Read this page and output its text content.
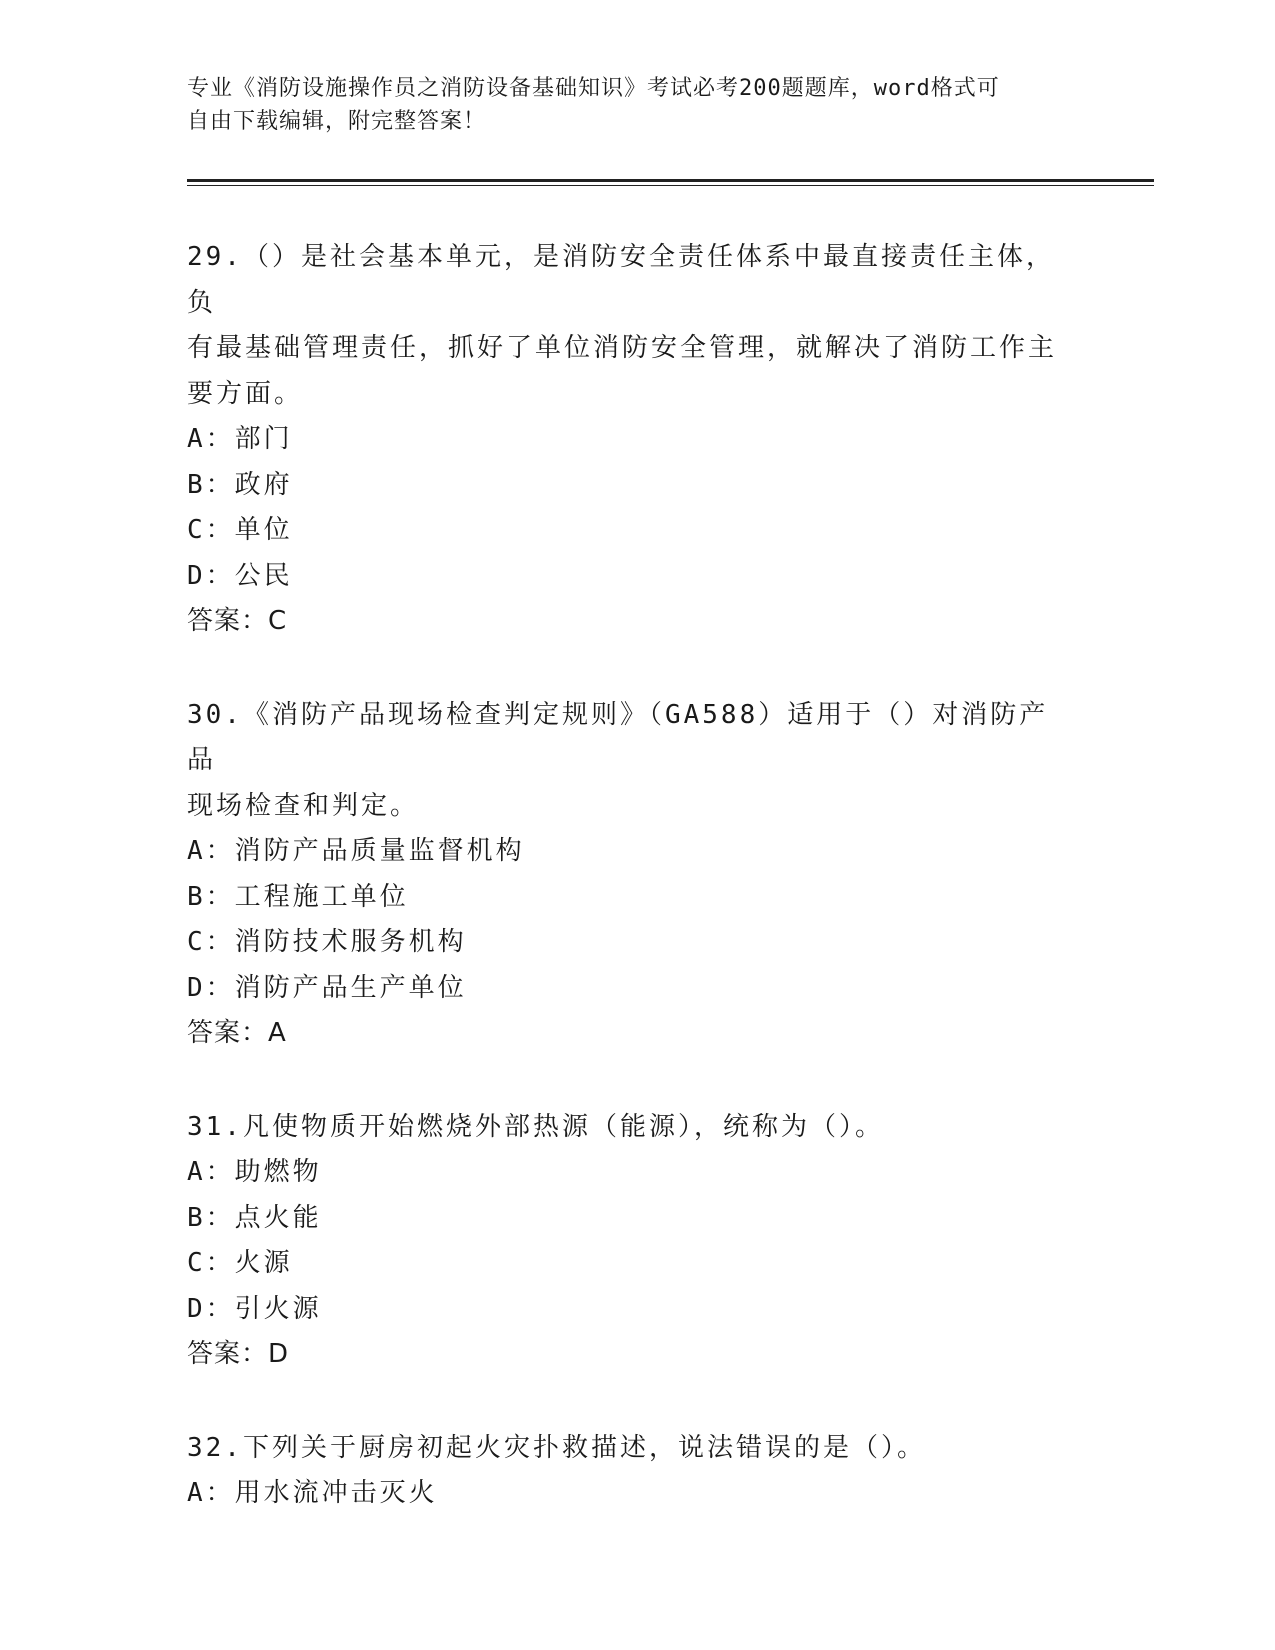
专业《消防设施操作员之消防设备基础知识》考试必考200题题库，word格式可
自由下载编辑，附完整答案！

29.（）是社会基本单元，是消防安全责任体系中最直接责任主体，负

有最基础管理责任，抓好了单位消防安全管理，就解决了消防工作主

要方面。

A：部门

B：政府

C：单位

D：公民

答案：C

30.《消防产品现场检查判定规则》（GA588）适用于（）对消防产品

现场检查和判定。

A：消防产品质量监督机构

B：工程施工单位

C：消防技术服务机构

D：消防产品生产单位

答案：A

31.凡使物质开始燃烧外部热源（能源），统称为（）。

A：助燃物

B：点火能

C：火源

D：引火源

答案：D

32.下列关于厨房初起火灾扑救描述，说法错误的是（）。

A：用水流冲击灭火
